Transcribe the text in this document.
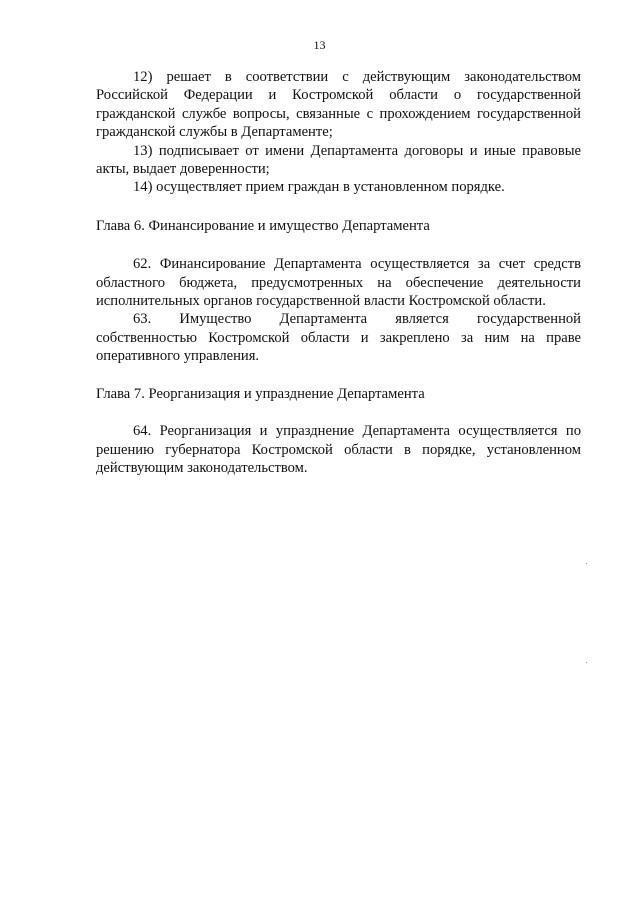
13

12) решает в соответствии с действующим законодательством Российской Федерации и Костромской области о государственной гражданской службе вопросы, связанные с прохождением государственной гражданской службы в Департаменте;

13) подписывает от имени Департамента договоры и иные правовые акты, выдает доверенности;

14) осуществляет прием граждан в установленном порядке.

Глава 6. Финансирование и имущество Департамента

62. Финансирование Департамента осуществляется за счет средств областного бюджета, предусмотренных на обеспечение деятельности исполнительных органов государственной власти Костромской области.

63. Имущество Департамента является государственной собственностью Костромской области и закреплено за ним на праве оперативного управления.

Глава 7. Реорганизация и упразднение Департамента

64. Реорганизация и упразднение Департамента осуществляется по решению губернатора Костромской области в порядке, установленном действующим законодательством.
